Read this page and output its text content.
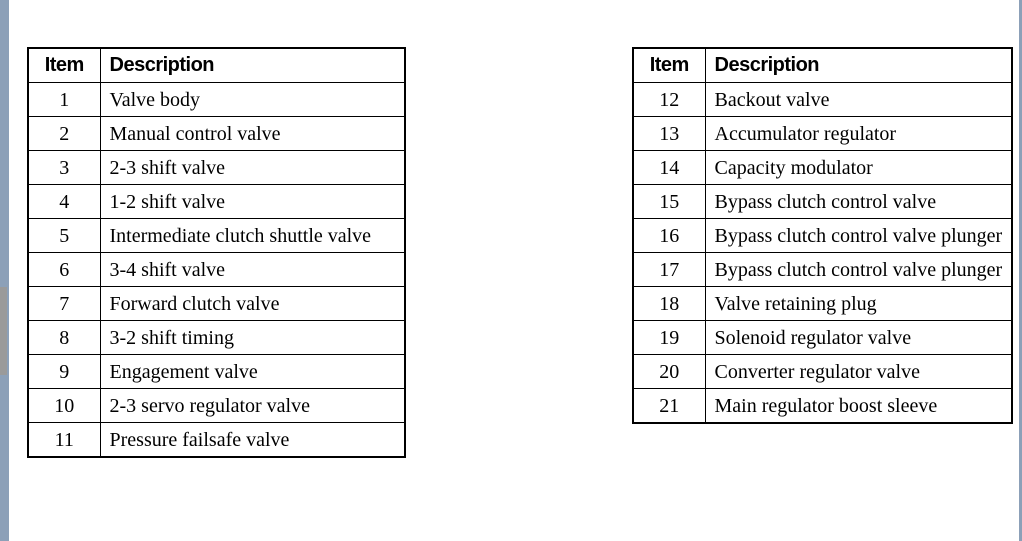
Item	Description
1	Valve body
2	Manual control valve
3	2-3 shift valve
4	1-2 shift valve
5	Intermediate clutch shuttle valve
6	3-4 shift valve
7	Forward clutch valve
8	3-2 shift timing
9	Engagement valve
10	2-3 servo regulator valve
11	Pressure failsafe valve
Item	Description
12	Backout valve
13	Accumulator regulator
14	Capacity modulator
15	Bypass clutch control valve
16	Bypass clutch control valve plunger
17	Bypass clutch control valve plunger
18	Valve retaining plug
19	Solenoid regulator valve
20	Converter regulator valve
21	Main regulator boost sleeve
